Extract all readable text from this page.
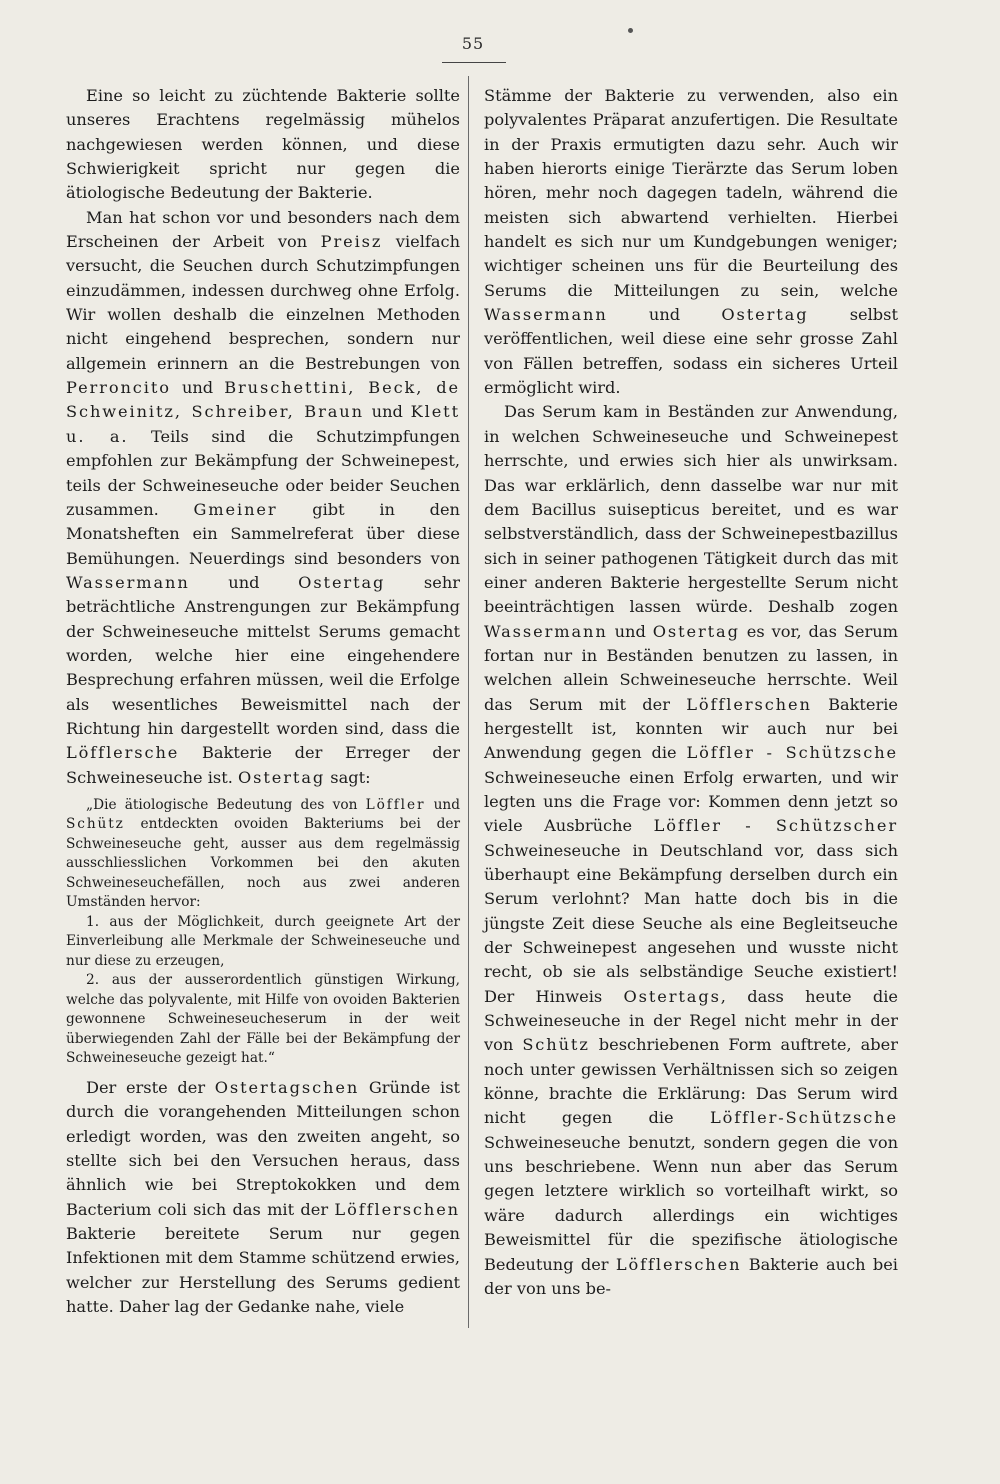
55

Eine so leicht zu züchtende Bakterie sollte unseres Erachtens regelmässig mühelos nachgewiesen werden können, und diese Schwierigkeit spricht nur gegen die ätiologische Bedeutung der Bakterie.

Man hat schon vor und besonders nach dem Erscheinen der Arbeit von Preisz vielfach versucht, die Seuchen durch Schutzimpfungen einzudämmen, indessen durchweg ohne Erfolg. Wir wollen deshalb die einzelnen Methoden nicht eingehend besprechen, sondern nur allgemein erinnern an die Bestrebungen von Perroncito und Bruschettini, Beck, de Schweinitz, Schreiber, Braun und Klett u. a. Teils sind die Schutzimpfungen empfohlen zur Bekämpfung der Schweinepest, teils der Schweineseuche oder beider Seuchen zusammen. Gmeiner gibt in den Monatsheften ein Sammelreferat über diese Bemühungen. Neuerdings sind besonders von Wassermann und Ostertag sehr beträchtliche Anstrengungen zur Bekämpfung der Schweineseuche mittelst Serums gemacht worden, welche hier eine eingehendere Besprechung erfahren müssen, weil die Erfolge als wesentliches Beweismittel nach der Richtung hin dargestellt worden sind, dass die Löfflersche Bakterie der Erreger der Schweineseuche ist. Ostertag sagt:

„Die ätiologische Bedeutung des von Löffler und Schütz entdeckten ovoiden Bakteriums bei der Schweineseuche geht, ausser aus dem regelmässig ausschliesslichen Vorkommen bei den akuten Schweineseuchefällen, noch aus zwei anderen Umständen hervor:

1. aus der Möglichkeit, durch geeignete Art der Einverleibung alle Merkmale der Schweineseuche und nur diese zu erzeugen,

2. aus der ausserordentlich günstigen Wirkung, welche das polyvalente, mit Hilfe von ovoiden Bakterien gewonnene Schweineseucheserum in der weit überwiegenden Zahl der Fälle bei der Bekämpfung der Schweineseuche gezeigt hat.“

Der erste der Ostertagschen Gründe ist durch die vorangehenden Mitteilungen schon erledigt worden, was den zweiten angeht, so stellte sich bei den Versuchen heraus, dass ähnlich wie bei Streptokokken und dem Bacterium coli sich das mit der Löfflerschen Bakterie bereitete Serum nur gegen Infektionen mit dem Stamme schützend erwies, welcher zur Herstellung des Serums gedient hatte. Daher lag der Gedanke nahe, viele

Stämme der Bakterie zu verwenden, also ein polyvalentes Präparat anzufertigen. Die Resultate in der Praxis ermutigten dazu sehr. Auch wir haben hierorts einige Tierärzte das Serum loben hören, mehr noch dagegen tadeln, während die meisten sich abwartend verhielten. Hierbei handelt es sich nur um Kundgebungen weniger; wichtiger scheinen uns für die Beurteilung des Serums die Mitteilungen zu sein, welche Wassermann und Ostertag selbst veröffentlichen, weil diese eine sehr grosse Zahl von Fällen betreffen, sodass ein sicheres Urteil ermöglicht wird.

Das Serum kam in Beständen zur Anwendung, in welchen Schweineseuche und Schweinepest herrschte, und erwies sich hier als unwirksam. Das war erklärlich, denn dasselbe war nur mit dem Bacillus suisepticus bereitet, und es war selbstverständlich, dass der Schweinepestbazillus sich in seiner pathogenen Tätigkeit durch das mit einer anderen Bakterie hergestellte Serum nicht beeinträchtigen lassen würde. Deshalb zogen Wassermann und Ostertag es vor, das Serum fortan nur in Beständen benutzen zu lassen, in welchen allein Schweineseuche herrschte. Weil das Serum mit der Löfflerschen Bakterie hergestellt ist, konnten wir auch nur bei Anwendung gegen die Löffler - Schützsche Schweineseuche einen Erfolg erwarten, und wir legten uns die Frage vor: Kommen denn jetzt so viele Ausbrüche Löffler - Schützscher Schweineseuche in Deutschland vor, dass sich überhaupt eine Bekämpfung derselben durch ein Serum verlohnt? Man hatte doch bis in die jüngste Zeit diese Seuche als eine Begleitseuche der Schweinepest angesehen und wusste nicht recht, ob sie als selbständige Seuche existiert! Der Hinweis Ostertags, dass heute die Schweineseuche in der Regel nicht mehr in der von Schütz beschriebenen Form auftrete, aber noch unter gewissen Verhältnissen sich so zeigen könne, brachte die Erklärung: Das Serum wird nicht gegen die Löffler-Schützsche Schweineseuche benutzt, sondern gegen die von uns beschriebene. Wenn nun aber das Serum gegen letztere wirklich so vorteilhaft wirkt, so wäre dadurch allerdings ein wichtiges Beweismittel für die spezifische ätiologische Bedeutung der Löfflerschen Bakterie auch bei der von uns be-
